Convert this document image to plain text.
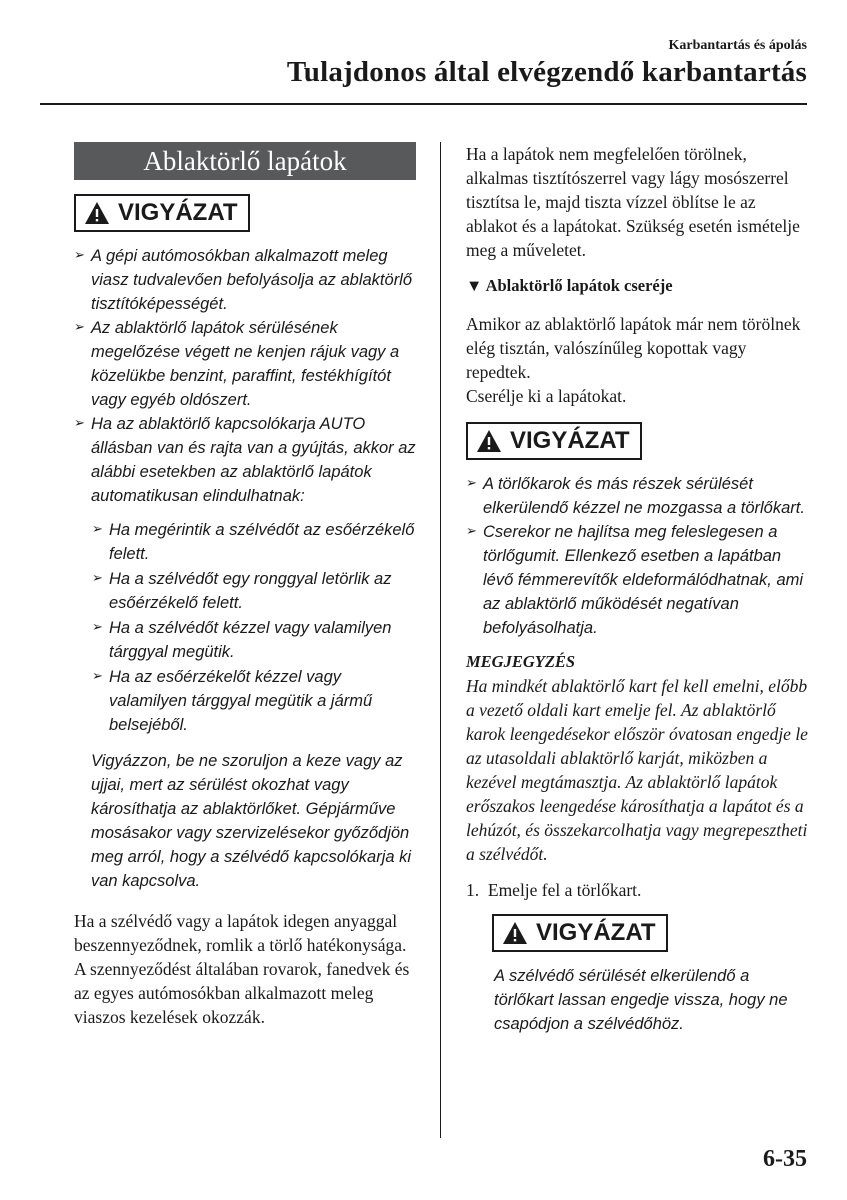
Karbantartás és ápolás
Tulajdonos által elvégzendő karbantartás
Ablaktörlő lapátok
VIGYÁZAT
➢ A gépi autómosókban alkalmazott meleg viasz tudvalevően befolyásolja az ablaktörlő tisztítóképességét.
➢ Az ablaktörlő lapátok sérülésének megelőzése végett ne kenjen rájuk vagy a közelükbe benzint, paraffint, festékhígítót vagy egyéb oldószert.
➢ Ha az ablaktörlő kapcsolókarja AUTO állásban van és rajta van a gyújtás, akkor az alábbi esetekben az ablaktörlő lapátok automatikusan elindulhatnak:
➢ Ha megérintik a szélvédőt az esőérzékelő felett.
➢ Ha a szélvédőt egy ronggyal letörlik az esőérzékelő felett.
➢ Ha a szélvédőt kézzel vagy valamilyen tárggyal megütik.
➢ Ha az esőérzékelőt kézzel vagy valamilyen tárggyal megütik a jármű belsejéből.

Vigyázzon, be ne szoruljon a keze vagy az ujjai, mert az sérülést okozhat vagy károsíthatja az ablaktörlőket. Gépjárműve mosásakor vagy szervizelésekor győződjön meg arról, hogy a szélvédő kapcsolókarja ki van kapcsolva.

Ha a szélvédő vagy a lapátok idegen anyaggal beszennyeződnek, romlik a törlő hatékonysága. A szennyeződést általában rovarok, fanedvek és az egyes autómosókban alkalmazott meleg viaszos kezelések okozzák.

Ha a lapátok nem megfelelően törölnek, alkalmas tisztítószerrel vagy lágy mosószerrel tisztítsa le, majd tiszta vízzel öblítse le az ablakot és a lapátokat. Szükség esetén ismételje meg a műveletet.

▼ Ablaktörlő lapátok cseréje

Amikor az ablaktörlő lapátok már nem törölnek elég tisztán, valószínűleg kopottak vagy repedtek.
Cserélje ki a lapátokat.

VIGYÁZAT
➢ A törlőkarok és más részek sérülését elkerülendő kézzel ne mozgassa a törlőkart.
➢ Cserekor ne hajlítsa meg feleslegesen a törlőgumit. Ellenkező esetben a lapátban lévő fémmerevítők eldeformálódhatnak, ami az ablaktörlő működését negatívan befolyásolhatja.
MEGJEGYZÉS

Ha mindkét ablaktörlő kart fel kell emelni, előbb a vezető oldali kart emelje fel. Az ablaktörlő karok leengedésekor először óvatosan engedje le az utasoldali ablaktörlő karját, miközben a kezével megtámasztja. Az ablaktörlő lapátok erőszakos leengedése károsíthatja a lapátot és a lehúzót, és összekarcolhatja vagy megrepesztheti a szélvédőt.

1. Emelje fel a törlőkart.
VIGYÁZAT

A szélvédő sérülését elkerülendő a törlőkart lassan engedje vissza, hogy ne csapódjon a szélvédőhöz.

6-35
